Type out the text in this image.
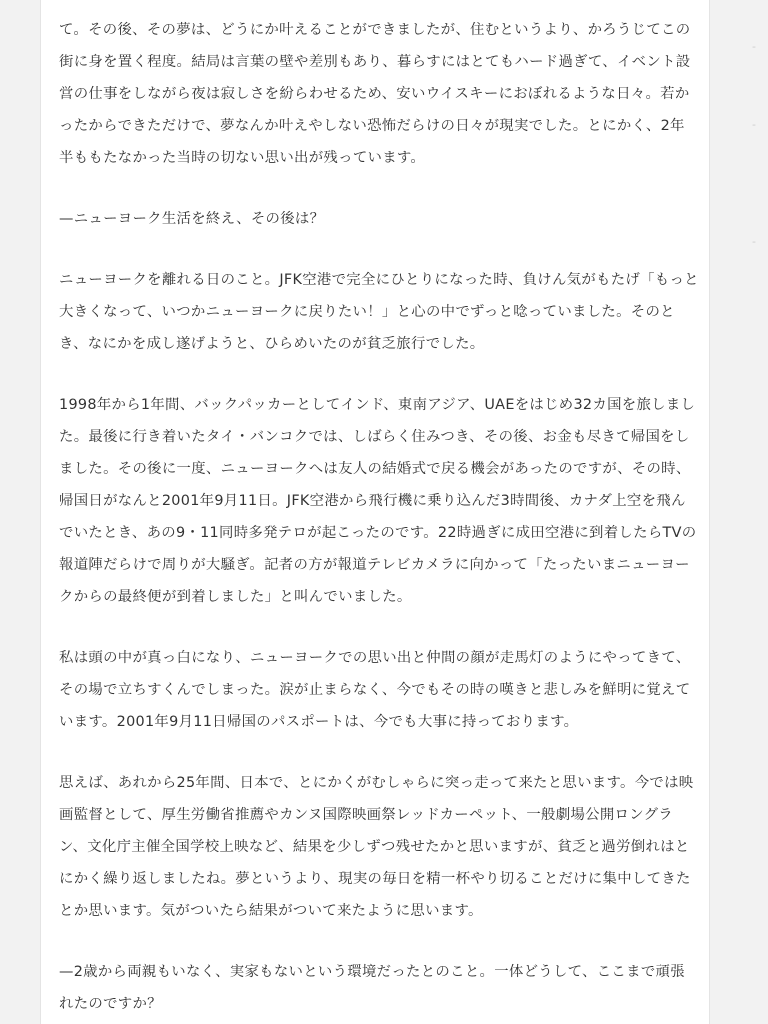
て。その後、その夢は、どうにか叶えることができましたが、住むというより、かろうじてこの街に身を置く程度。結局は言葉の壁や差別もあり、暮らすにはとてもハード過ぎて、イベント設営の仕事をしながら夜は寂しさを紛らわせるため、安いウイスキーにおぼれるような日々。若かったからできただけで、夢なんか叶えやしない恐怖だらけの日々が現実でした。とにかく、2年半ももたなかった当時の切ない思い出が残っています。

—ニューヨーク生活を終え、その後は？

ニューヨークを離れる日のこと。JFK空港で完全にひとりになった時、負けん気がもたげ「もっと大きくなって、いつかニューヨークに戻りたい！」と心の中でずっと唸っていました。そのとき、なにかを成し遂げようと、ひらめいたのが貧乏旅行でした。

1998年から1年間、バックパッカーとしてインド、東南アジア、UAEをはじめ32カ国を旅しました。最後に行き着いたタイ・バンコクでは、しばらく住みつき、その後、お金も尽きて帰国をしました。その後に一度、ニューヨークへは友人の結婚式で戻る機会があったのですが、その時、帰国日がなんと2001年9月11日。JFK空港から飛行機に乗り込んだ3時間後、カナダ上空を飛んでいたとき、あの9・11同時多発テロが起こったのです。22時過ぎに成田空港に到着したらTVの報道陣だらけで周りが大騒ぎ。記者の方が報道テレビカメラに向かって「たったいまニューヨークからの最終便が到着しました」と叫んでいました。

私は頭の中が真っ白になり、ニューヨークでの思い出と仲間の顔が走馬灯のようにやってきて、その場で立ちすくんでしまった。涙が止まらなく、今でもその時の嘆きと悲しみを鮮明に覚えています。2001年9月11日帰国のパスポートは、今でも大事に持っております。

思えば、あれから25年間、日本で、とにかくがむしゃらに突っ走って来たと思います。今では映画監督として、厚生労働省推薦やカンヌ国際映画祭レッドカーペット、一般劇場公開ロングラン、文化庁主催全国学校上映など、結果を少しずつ残せたかと思いますが、貧乏と過労倒れはとにかく繰り返しましたね。夢というより、現実の毎日を精一杯やり切ることだけに集中してきたとか思います。気がついたら結果がついて来たように思います。

—2歳から両親もいなく、実家もないという環境だったとのこと。一体どうして、ここまで頑張れたのですか？

-
-
-
